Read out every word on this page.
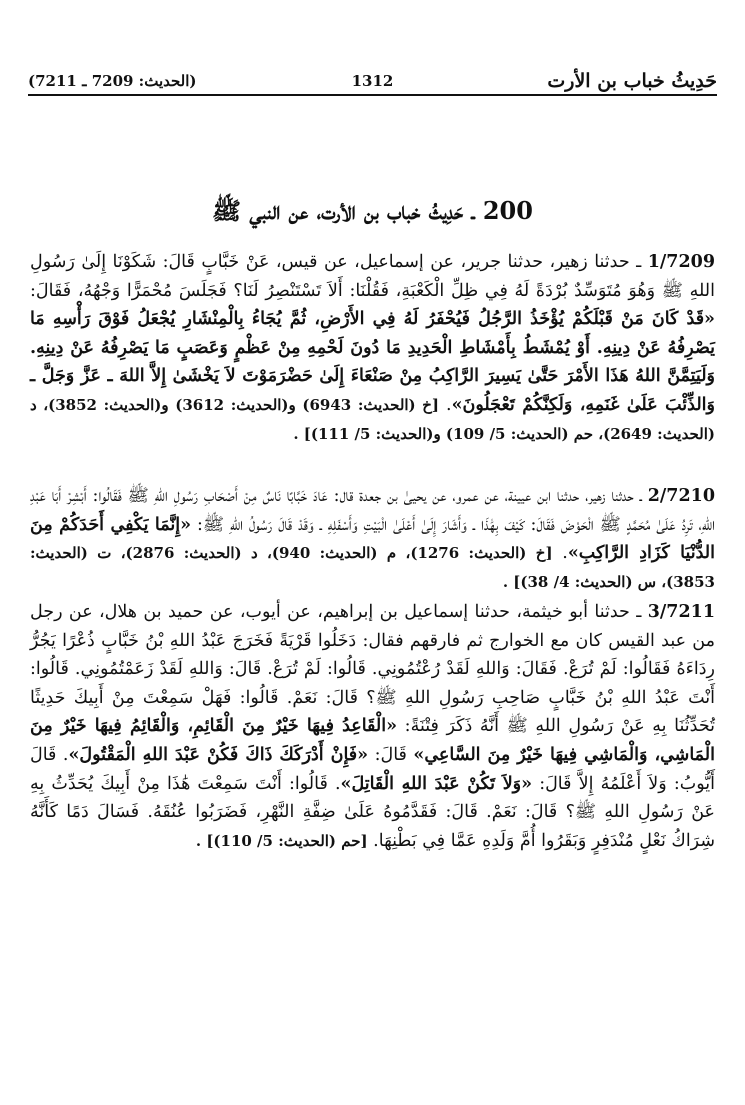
حَدِيثُ خباب بن الأرت
1312
(الحديث: 7209 ـ 7211)
200 ـ حَدِيثُ خباب بن الأرت، عن النبي ﷺ
1/7209 ـ حدثنا زهير، حدثنا جرير، عن إسماعيل، عن قيس، عَنْ خَبَّابٍ قَالَ: شَكَوْنَا إِلَىٰ رَسُولِ اللهِ ﷺ وَهُوَ مُتَوَسِّدٌ بُرْدَةً لَهُ فِي ظِلِّ الْكَعْبَةِ، فَقُلْنَا: أَلاَ تَسْتَنْصِرُ لَنَا؟ فَجَلَسَ مُحْمَرًّا وَجْهُهُ، فَقَالَ: «قَدْ كَانَ مَنْ قَبْلَكُمْ يُؤْخَذُ الرَّجُلُ فَيُحْفَرُ لَهُ فِي الأَرْضِ، ثُمَّ يُجَاءُ بِالْمِنْشَارِ يُجْعَلُ فَوْقَ رَأْسِهِ مَا يَصْرِفُهُ عَنْ دِينِهِ. أَوْ يُمْشَطُ بِأَمْشَاطِ الْحَدِيدِ مَا دُونَ لَحْمِهِ مِنْ عَظْمٍ وَعَصَبٍ مَا يَصْرِفُهُ عَنْ دِينِهِ. وَلَيَتِمَّنَّ اللهُ هَذَا الأَمْرَ حَتَّىٰ يَسِيرَ الرَّاكِبُ مِنْ صَنْعَاءَ إِلَىٰ حَضْرَمَوْتَ لاَ يَخْشَىٰ إِلاَّ اللهَ ـ عَزَّ وَجَلَّ ـ وَالذِّئْبَ عَلَىٰ غَنَمِهِ، وَلَكِنَّكُمْ تَعْجَلُونَ». [خ (الحديث: 6943) و(الحديث: 3612) و(الحديث: 3852)، د (الحديث: 2649)، حم (الحديث: 5/ 109) و(الحديث: 5/ 111)] .
2/7210 ـ حدثنا زهير، حدثنا ابن عيينة، عن عمرو، عن يحيىٰ بن جعدة قال: عَادَ خَبَّابًا نَاسٌ مِنْ أَصْحَابِ رَسُولِ اللهِ ﷺ فَقَالُوا: أَبْشِرْ أَبَا عَبْدِ اللهِ، تَرِدُ عَلَىٰ مُحَمَّدٍ ﷺ الْحَوْضَ فَقَالَ: كَيْفَ بِهَٰذَا ـ وَأَشَارَ إِلَىٰ أَعْلَىٰ الْبَيْتِ وَأَسْفَلِهِ ـ وَقَدْ قَالَ رَسُولُ اللهِ ﷺ: «إِنَّمَا يَكْفِي أَحَدَكُمْ مِنَ الدُّنْيَا كَزَادِ الرَّاكِبِ». [خ (الحديث: 1276)، م (الحديث: 940)، د (الحديث: 2876)، ت (الحديث: 3853)، س (الحديث: 4/ 38)] .
3/7211 ـ حدثنا أبو خيثمة، حدثنا إسماعيل بن إبراهيم، عن أيوب، عن حميد بن هلال، عن رجل من عبد القيس كان مع الخوارج ثم فارقهم فقال: دَخَلُوا قَرْيَةً فَخَرَجَ عَبْدُ اللهِ بْنُ خَبَّابٍ ذُعْرًا يَجُرُّ رِدَاءَهُ فَقَالُوا: لَمْ تُرَعْ. فَقَالَ: وَاللهِ لَقَدْ رُعْتُمُونِي. قَالُوا: لَمْ تُرَعْ. قَالَ: وَاللهِ لَقَدْ زَعَمْتُمُونِي. قَالُوا: أَنْتَ عَبْدُ اللهِ بْنُ خَبَّابٍ صَاحِبِ رَسُولِ اللهِ ﷺ؟ قَالَ: نَعَمْ. قَالُوا: فَهَلْ سَمِعْتَ مِنْ أَبِيكَ حَدِيثًا تُحَدِّثُنَا بِهِ عَنْ رَسُولِ اللهِ ﷺ أَنَّهُ ذَكَرَ فِتْنَةً: «الْقَاعِدُ فِيهَا خَيْرٌ مِنَ الْقَائِمِ، وَالْقَائِمُ فِيهَا خَيْرٌ مِنَ الْمَاشِي، وَالْمَاشِي فِيهَا خَيْرٌ مِنَ السَّاعِي» قَالَ: «فَإِنْ أَدْرَكَكَ ذَاكَ فَكُنْ عَبْدَ اللهِ الْمَقْتُولَ». قَالَ أَيُّوبُ: وَلاَ أَعْلَمُهُ إِلاَّ قَالَ: «وَلاَ تَكُنْ عَبْدَ اللهِ الْقَاتِلَ». قَالُوا: أَنْتَ سَمِعْتَ هَٰذَا مِنْ أَبِيكَ يُحَدِّثُ بِهِ عَنْ رَسُولِ اللهِ ﷺ؟ قَالَ: نَعَمْ. قَالَ: فَقَدَّمُوهُ عَلَىٰ ضِفَّةِ النَّهْرِ، فَضَرَبُوا عُنُقَهُ. فَسَالَ دَمًا كَأَنَّهُ شِرَاكُ نَعْلٍ مُنْدَفِرٍ وَبَقَرُوا أُمَّ وَلَدِهِ عَمَّا فِي بَطْنِهَا. [حم (الحديث: 5/ 110)] .
